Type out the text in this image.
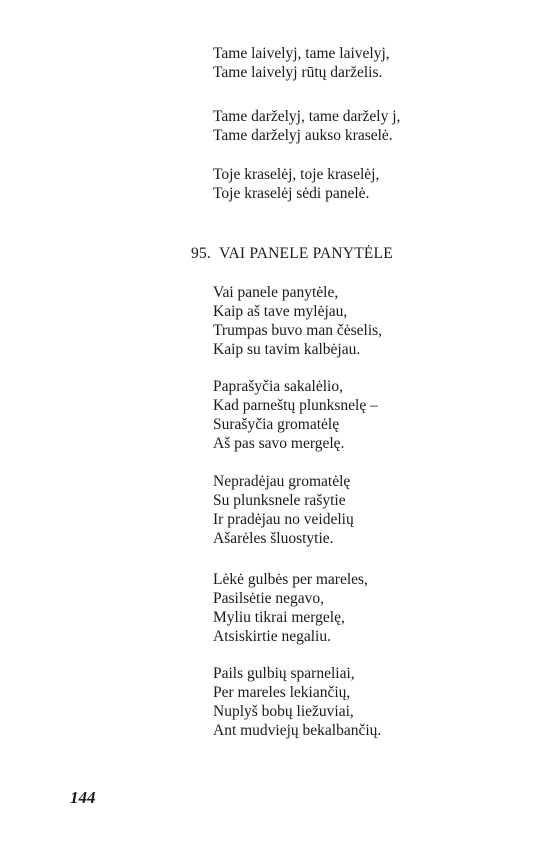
Tame laivelyj, tame laivelyj,
Tame laivelyj rūtų darželis.
Tame darželyj, tame daržely j,
Tame darželyj aukso kraselė.
Toje kraselėj, toje kraselėj,
Toje kraselėj sėdi panelė.
95. VAI PANELE PANYTĖLE
Vai panele panytėle,
Kaip aš tave mylėjau,
Trumpas buvo man čėselis,
Kaip su tavim kalbėjau.
Paprašyčia sakalėlio,
Kad parneštų plunksnelę –
Surašyčia gromatėlę
Aš pas savo mergelę.
Nepradėjau gromatėlę
Su plunksnele rašytie
Ir pradėjau no veidelių
Ašarėles šluostytie.
Lėkė gulbės per mareles,
Pasilsėtie negavo,
Myliu tikrai mergelę,
Atsiskirtie negaliu.
Pails gulbių sparneliai,
Per mareles lekiančių,
Nuplyš bobų liežuviai,
Ant mudviejų bekalbančių.
144
